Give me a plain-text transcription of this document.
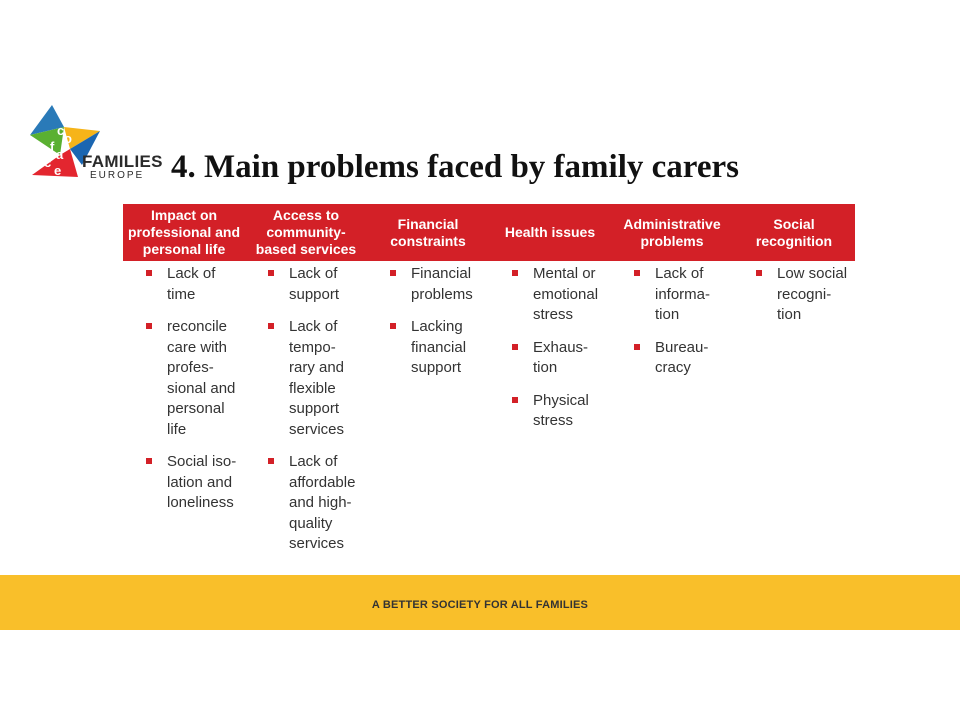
c
o
f
a
c
e FAMILIES
EUROPE 4. Main problems faced by family carers
Impact on
professional and
personal life
Access to
community-
based services
Financial
constraints
Health issues
Administrative
problems
Social
recognition
Lack of
time
reconcile
care with
profes-
sional and
personal
life
Social iso-
lation and
loneliness
Lack of
support
Lack of
tempo-
rary and
flexible
support
services
Lack of
affordable
and high-
quality
services
Financial
problems
Lacking
financial
support
Mental or
emotional
stress
Exhaus-
tion
Physical
stress
Lack of
informa-
tion
Bureau-
cracy
Low social
recogni-
tion
A BETTER SOCIETY FOR ALL FAMILIES
